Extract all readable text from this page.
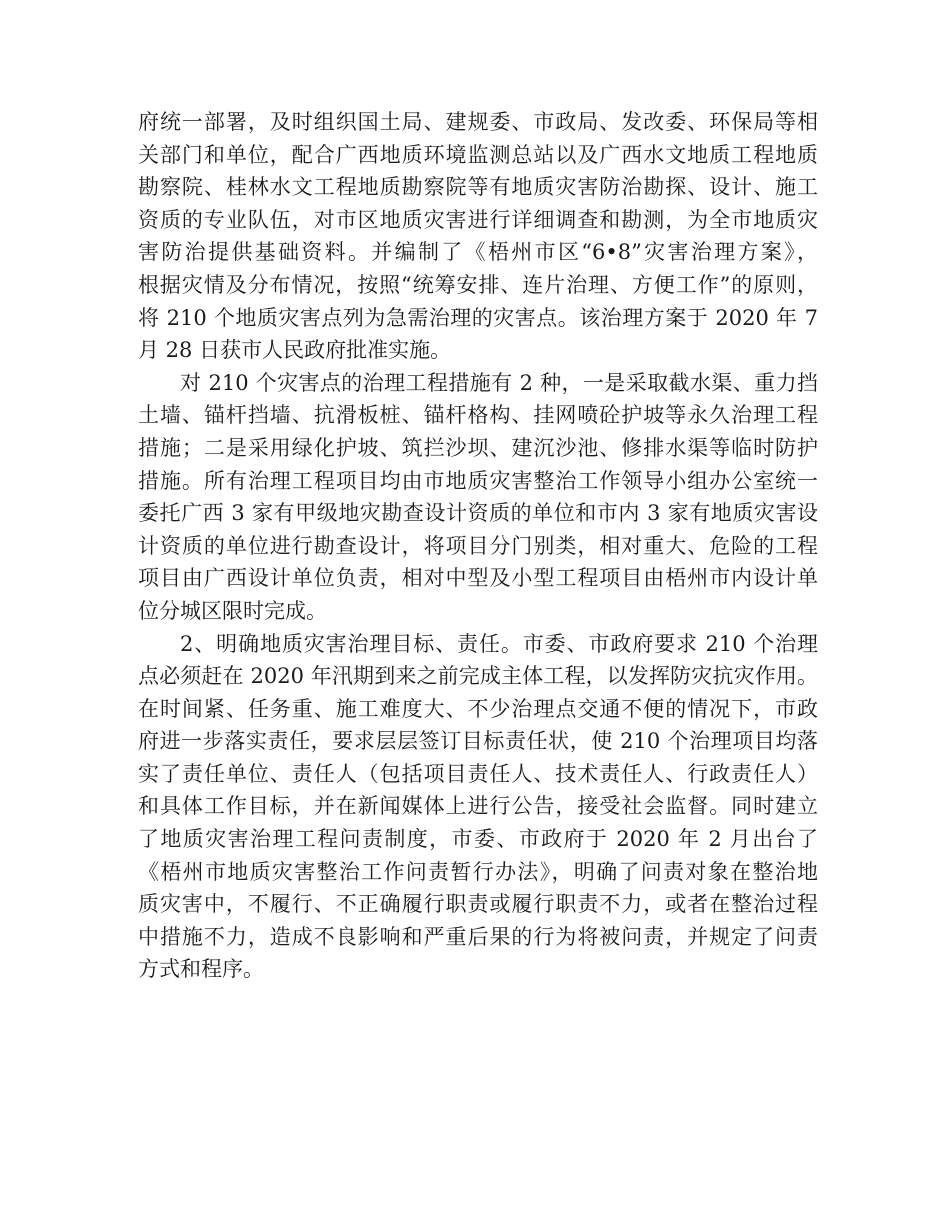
府统一部署，及时组织国土局、建规委、市政局、发改委、环保局等相
关部门和单位，配合广西地质环境监测总站以及广西水文地质工程地质
勘察院、桂林水文工程地质勘察院等有地质灾害防治勘探、设计、施工
资质的专业队伍，对市区地质灾害进行详细调查和勘测，为全市地质灾
害防治提供基础资料。并编制了《梧州市区“6•8”灾害治理方案》，
根据灾情及分布情况，按照“统筹安排、连片治理、方便工作”的原则，
将 210 个地质灾害点列为急需治理的灾害点。该治理方案于 2020 年 7
月 28 日获市人民政府批准实施。
对 210 个灾害点的治理工程措施有 2 种，一是采取截水渠、重力挡
土墙、锚杆挡墙、抗滑板桩、锚杆格构、挂网喷砼护坡等永久治理工程
措施；二是采用绿化护坡、筑拦沙坝、建沉沙池、修排水渠等临时防护
措施。所有治理工程项目均由市地质灾害整治工作领导小组办公室统一
委托广西 3 家有甲级地灾勘查设计资质的单位和市内 3 家有地质灾害设
计资质的单位进行勘查设计，将项目分门别类，相对重大、危险的工程
项目由广西设计单位负责，相对中型及小型工程项目由梧州市内设计单
位分城区限时完成。
2、明确地质灾害治理目标、责任。市委、市政府要求 210 个治理
点必须赶在 2020 年汛期到来之前完成主体工程，以发挥防灾抗灾作用。
在时间紧、任务重、施工难度大、不少治理点交通不便的情况下，市政
府进一步落实责任，要求层层签订目标责任状，使 210 个治理项目均落
实了责任单位、责任人（包括项目责任人、技术责任人、行政责任人）
和具体工作目标，并在新闻媒体上进行公告，接受社会监督。同时建立
了地质灾害治理工程问责制度，市委、市政府于 2020 年 2 月出台了
《梧州市地质灾害整治工作问责暂行办法》，明确了问责对象在整治地
质灾害中，不履行、不正确履行职责或履行职责不力，或者在整治过程
中措施不力，造成不良影响和严重后果的行为将被问责，并规定了问责
方式和程序。
